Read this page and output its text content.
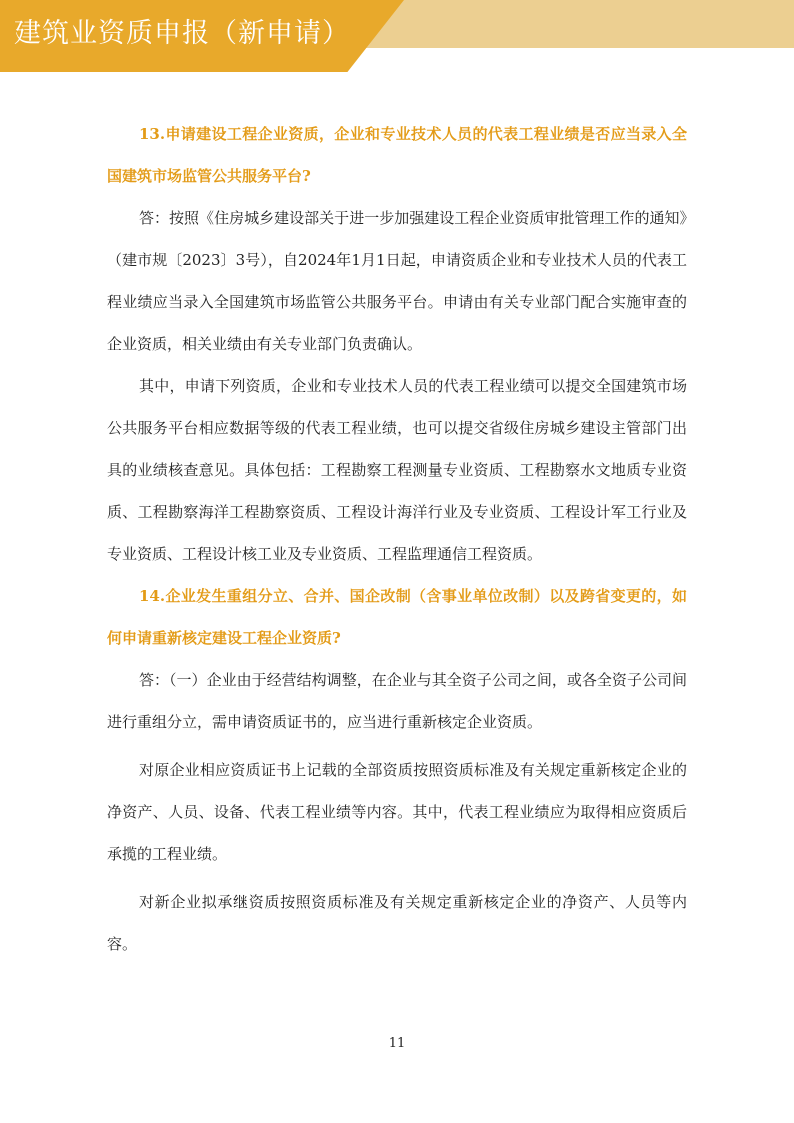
建筑业资质申报（新申请）

13.申请建设工程企业资质，企业和专业技术人员的代表工程业绩是否应当录入全国建筑市场监管公共服务平台?

答：按照《住房城乡建设部关于进一步加强建设工程企业资质审批管理工作的通知》（建市规〔2023〕3号），自2024年1月1日起，申请资质企业和专业技术人员的代表工程业绩应当录入全国建筑市场监管公共服务平台。申请由有关专业部门配合实施审查的企业资质，相关业绩由有关专业部门负责确认。

其中，申请下列资质，企业和专业技术人员的代表工程业绩可以提交全国建筑市场公共服务平台相应数据等级的代表工程业绩，也可以提交省级住房城乡建设主管部门出具的业绩核查意见。具体包括：工程勘察工程测量专业资质、工程勘察水文地质专业资质、工程勘察海洋工程勘察资质、工程设计海洋行业及专业资质、工程设计军工行业及专业资质、工程设计核工业及专业资质、工程监理通信工程资质。

14.企业发生重组分立、合并、国企改制（含事业单位改制）以及跨省变更的，如何申请重新核定建设工程企业资质?

答：（一）企业由于经营结构调整，在企业与其全资子公司之间，或各全资子公司间进行重组分立，需申请资质证书的，应当进行重新核定企业资质。

对原企业相应资质证书上记载的全部资质按照资质标准及有关规定重新核定企业的净资产、人员、设备、代表工程业绩等内容。其中，代表工程业绩应为取得相应资质后承揽的工程业绩。

对新企业拟承继资质按照资质标准及有关规定重新核定企业的净资产、人员等内容。

11
